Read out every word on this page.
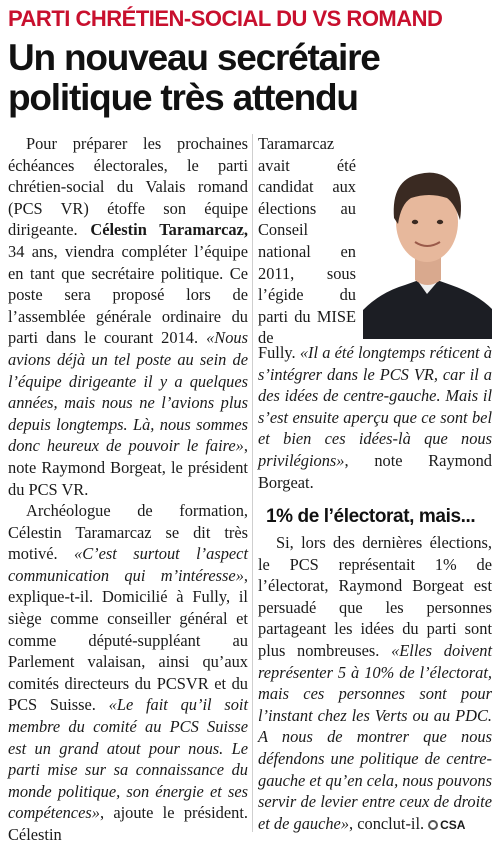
PARTI CHRÉTIEN-SOCIAL DU VS ROMAND
Un nouveau secrétaire politique très attendu

Pour préparer les prochaines échéances électorales, le parti chrétien-social du Valais romand (PCS VR) étoffe son équipe dirigeante. Célestin Taramarcaz, 34 ans, viendra compléter l’équipe en tant que secrétaire politique. Ce poste sera proposé lors de l’assemblée générale ordinaire du parti dans le courant 2014. «Nous avions déjà un tel poste au sein de l’équipe dirigeante il y a quelques années, mais nous ne l’avions plus depuis longtemps. Là, nous sommes donc heureux de pouvoir le faire», note Raymond Borgeat, le président du PCS VR.

Archéologue de formation, Célestin Taramarcaz se dit très motivé. «C’est surtout l’aspect communication qui m’intéresse», explique-t-il. Domicilié à Fully, il siège comme conseiller général et comme député-suppléant au Parlement valaisan, ainsi qu’aux comités directeurs du PCSVR et du PCS Suisse. «Le fait qu’il soit membre du comité au PCS Suisse est un grand atout pour nous. Le parti mise sur sa connaissance du monde politique, son énergie et ses compétences», ajoute le président. Célestin

Taramarcaz avait été candidat aux élections au Conseil national en 2011, sous l’égide du parti du MISE de

Fully. «Il a été longtemps réticent à s’intégrer dans le PCS VR, car il a des idées de centre-gauche. Mais il s’est ensuite aperçu que ce sont bel et bien ces idées-là que nous privilégions», note Raymond Borgeat.

1% de l’électorat, mais...

Si, lors des dernières élections, le PCS représentait 1% de l’électorat, Raymond Borgeat est persuadé que les personnes partageant les idées du parti sont plus nombreuses. «Elles doivent représenter 5 à 10% de l’électorat, mais ces personnes sont pour l’instant chez les Verts ou au PDC. A nous de montrer que nous défendons une politique de centre-gauche et qu’en cela, nous pouvons servir de levier entre ceux de droite et de gauche», conclut-il. CSA
